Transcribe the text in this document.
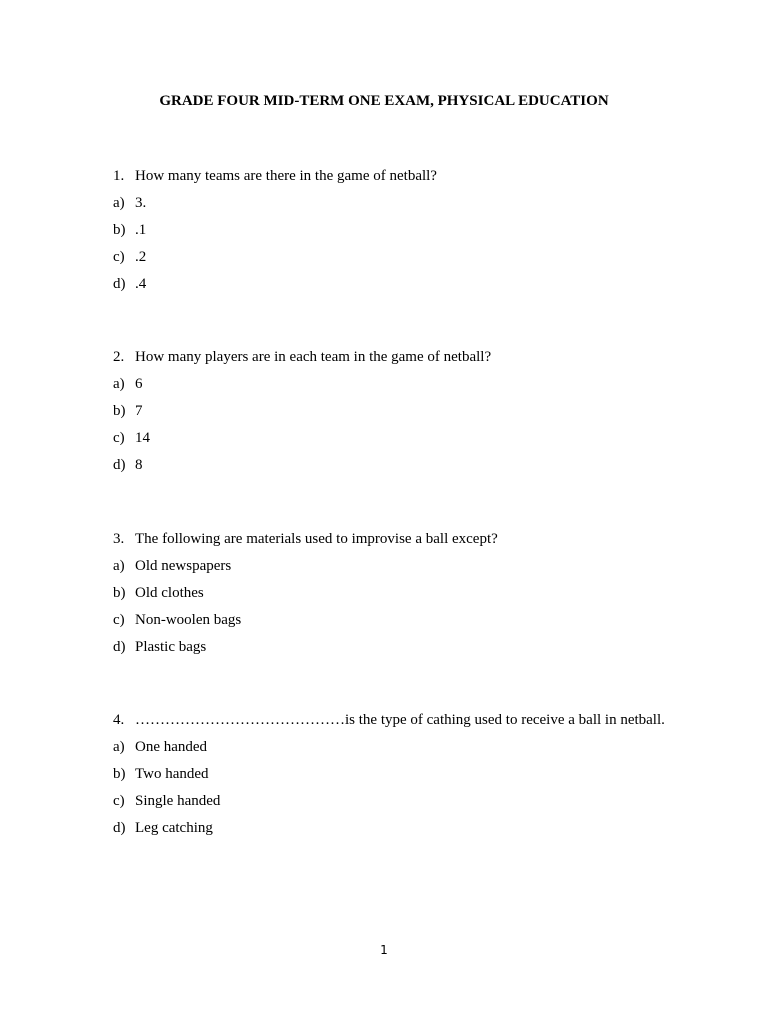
GRADE FOUR MID-TERM ONE EXAM, PHYSICAL EDUCATION
1. How many teams are there in the game of netball?
a) 3.
b) .1
c) .2
d) .4
2. How many players are in each team in the game of netball?
a) 6
b) 7
c) 14
d) 8
3. The following are materials used to improvise a ball except?
a) Old newspapers
b) Old clothes
c) Non-woolen bags
d) Plastic bags
4. ……………………………………is the type of cathing used to receive a ball in netball.
a) One handed
b) Two handed
c) Single handed
d) Leg catching
1
